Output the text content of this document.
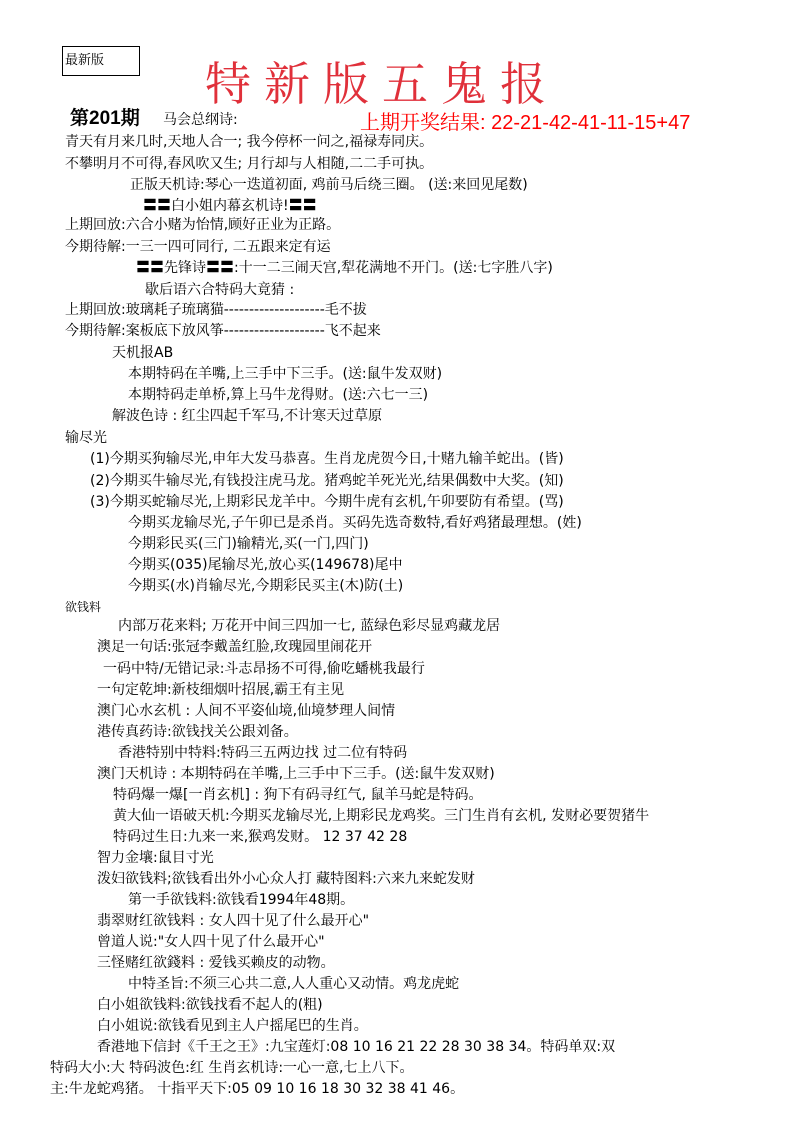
最新版	特新版五鬼报
第201期 马会总纲诗:	上期开奖结果: 22-21-42-41-11-15+47
青天有月来几时,天地人合一; 我今停杯一问之,福禄寿同庆。
不攀明月不可得,春风吹又生; 月行却与人相随,二二手可执。
正版天机诗:琴心一迭道初面, 鸡前马后绕三圈。 (送:来回见尾数)
〓〓白小姐内幕玄机诗!〓〓
上期回放:六合小赌为怡情,顾好正业为正路。
今期待解:一三一四可同行, 二五跟来定有运
〓〓先锋诗〓〓:十一二三闹天宫,犁花满地不开门。(送:七字胜八字)
歇后语六合特码大竟猜 :
上期回放:玻璃耗子琉璃猫--------------------毛不拔
今期待解:案板底下放风筝--------------------飞不起来
天机报AB
本期特码在羊嘴,上三手中下三手。(送:鼠牛发双财)
本期特码走单桥,算上马牛龙得财。(送:六七一三)
解波色诗 : 红尘四起千军马,不计寒天过草原
输尽光
(1)今期买狗输尽光,申年大发马恭喜。生肖龙虎贺今日,十赌九输羊蛇出。(皆)
(2)今期买牛输尽光,有钱投注虎马龙。猪鸡蛇羊死光光,结果偶数中大奖。(知)
(3)今期买蛇输尽光,上期彩民龙羊中。今期牛虎有玄机,午卯要防有希望。(骂)
今期买龙输尽光,子午卯已是杀肖。买码先选奇数特,看好鸡猪最理想。(姓)
今期彩民买(三门)输精光,买(一门,四门)
今期买(035)尾输尽光,放心买(149678)尾中
今期买(水)肖输尽光,今期彩民买主(木)防(土)
欲钱料
内部万花来料; 万花开中间三四加一七, 蓝绿色彩尽显鸡藏龙居
澳足一句话:张冠李戴盖红脸,玫瑰园里闹花开
一码中特/无错记录:斗志昂扬不可得,偷吃蟠桃我最行
一句定乾坤:新枝细烟叶招展,霸王有主见
澳门心水玄机 : 人间不平姿仙境,仙境梦理人间情
港传真药诗:欲钱找关公跟刘备。
香港特别中特料:特码三五两边找 过二位有特码
澳门天机诗 : 本期特码在羊嘴,上三手中下三手。(送:鼠牛发双财)
特码爆一爆[一肖玄机] : 狗下有码寻红气, 鼠羊马蛇是特码。
黄大仙一语破天机:今期买龙输尽光,上期彩民龙鸡奖。三门生肖有玄机, 发财必要贺猪牛
特码过生日:九来一来,猴鸡发财。 12 37 42 28
智力金壤:鼠目寸光
泼妇欲钱料;欲钱看出外小心众人打 藏特图料:六来九来蛇发财
第一手欲钱料:欲钱看1994年48期。
翡翠财红欲钱料 : 女人四十见了什么最开心"
曾道人说:"女人四十见了什么最开心"
三怪赌红欲錢料 : 爱钱买赖皮的动物。
中特圣旨:不须三心共二意,人人重心又动情。鸡龙虎蛇
白小姐欲钱料:欲钱找看不起人的(粗)
白小姐说:欲钱看见到主人户摇尾巴的生肖。
香港地下信封《千王之王》:九宝莲灯:08 10 16 21 22 28 30 38 34。特码单双:双
特码大小:大 特码波色:红 生肖玄机诗:一心一意,七上八下。
主:牛龙蛇鸡猪。 十指平天下:05 09 10 16 18 30 32 38 41 46。
